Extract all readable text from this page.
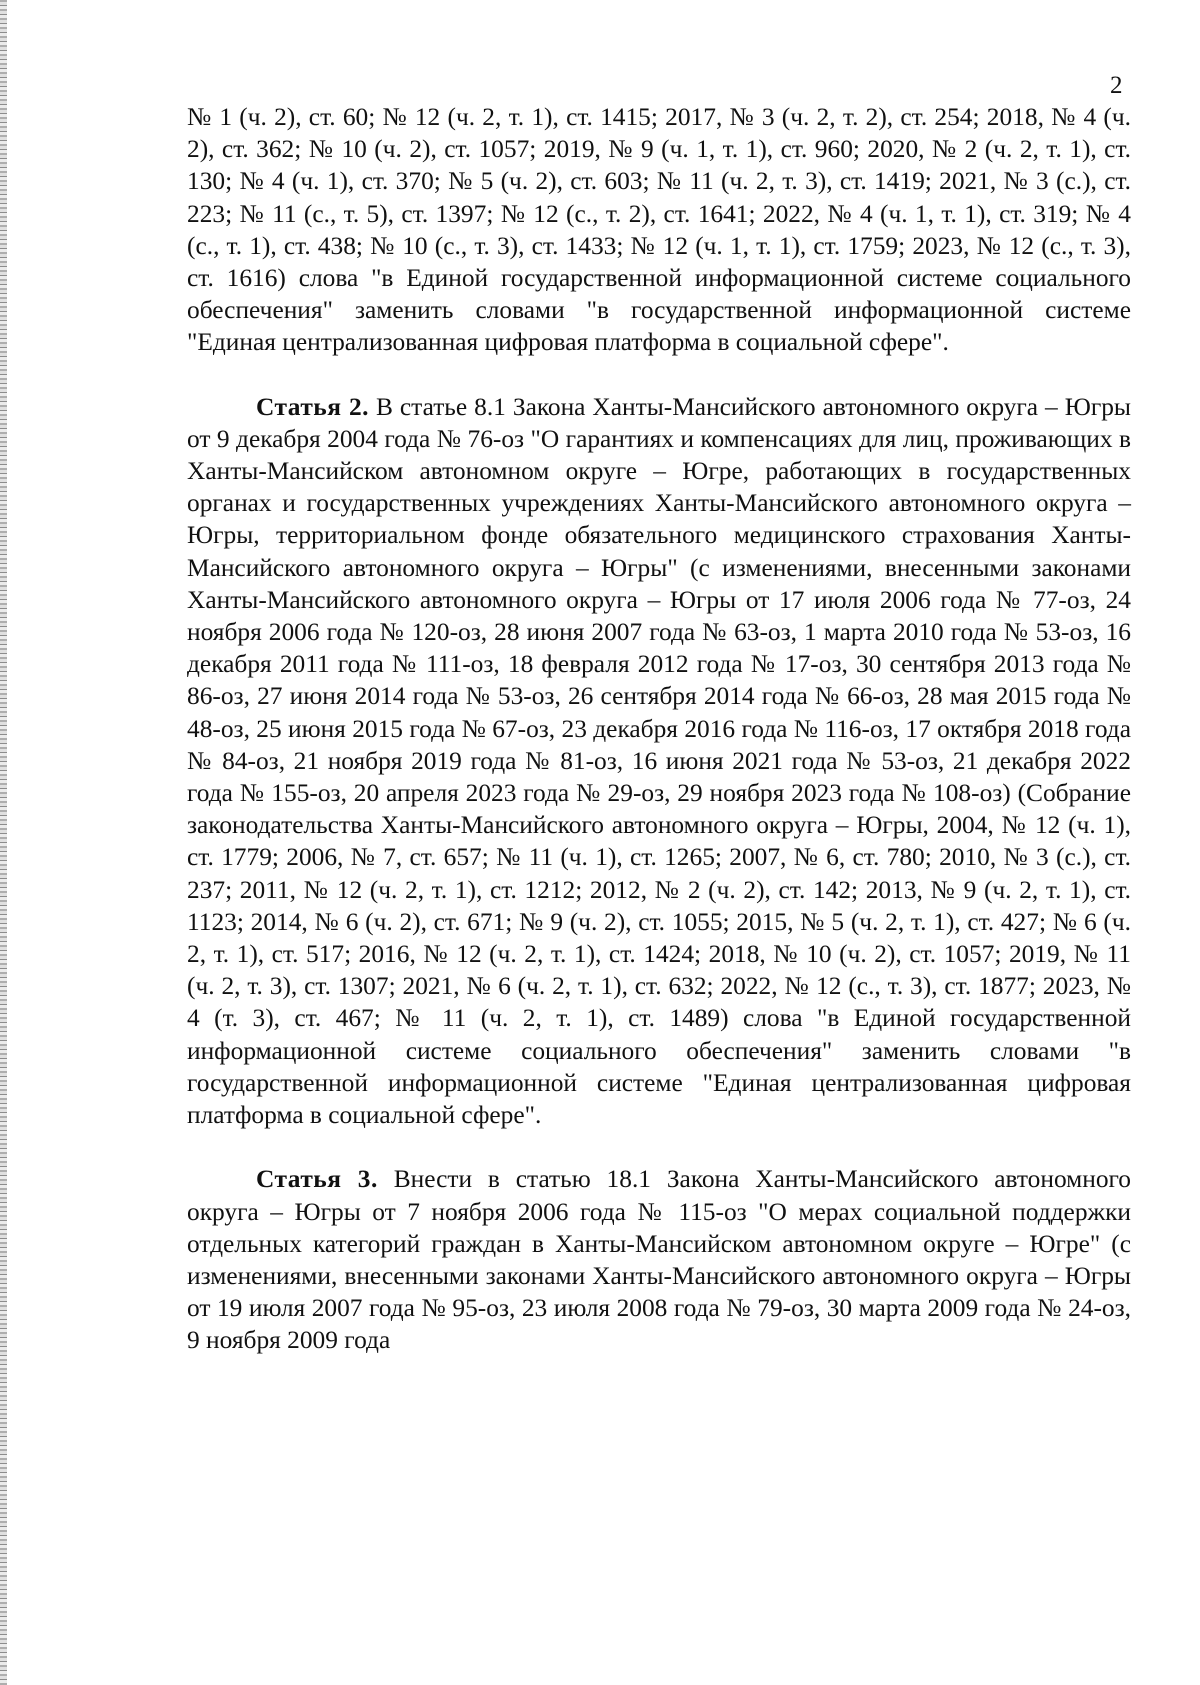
2

№ 1 (ч. 2), ст. 60; № 12 (ч. 2, т. 1), ст. 1415; 2017, № 3 (ч. 2, т. 2), ст. 254; 2018, № 4 (ч. 2), ст. 362; № 10 (ч. 2), ст. 1057; 2019, № 9 (ч. 1, т. 1), ст. 960; 2020, № 2 (ч. 2, т. 1), ст. 130; № 4 (ч. 1), ст. 370; № 5 (ч. 2), ст. 603; № 11 (ч. 2, т. 3), ст. 1419; 2021, № 3 (с.), ст. 223; № 11 (с., т. 5), ст. 1397; № 12 (с., т. 2), ст. 1641; 2022, № 4 (ч. 1, т. 1), ст. 319; № 4 (с., т. 1), ст. 438; № 10 (с., т. 3), ст. 1433; № 12 (ч. 1, т. 1), ст. 1759; 2023, № 12 (с., т. 3), ст. 1616) слова "в Единой государственной информационной системе социального обеспечения" заменить словами "в государственной информационной системе "Единая централизованная цифровая платформа в социальной сфере".

Статья 2. В статье 8.1 Закона Ханты-Мансийского автономного округа – Югры от 9 декабря 2004 года № 76-оз "О гарантиях и компенсациях для лиц, проживающих в Ханты-Мансийском автономном округе – Югре, работающих в государственных органах и государственных учреждениях Ханты-Мансийского автономного округа – Югры, территориальном фонде обязательного медицинского страхования Ханты-Мансийского автономного округа – Югры" (с изменениями, внесенными законами Ханты-Мансийского автономного округа – Югры от 17 июля 2006 года № 77-оз, 24 ноября 2006 года № 120-оз, 28 июня 2007 года № 63-оз, 1 марта 2010 года № 53-оз, 16 декабря 2011 года № 111-оз, 18 февраля 2012 года № 17-оз, 30 сентября 2013 года № 86-оз, 27 июня 2014 года № 53-оз, 26 сентября 2014 года № 66-оз, 28 мая 2015 года № 48-оз, 25 июня 2015 года № 67-оз, 23 декабря 2016 года № 116-оз, 17 октября 2018 года № 84-оз, 21 ноября 2019 года № 81-оз, 16 июня 2021 года № 53-оз, 21 декабря 2022 года № 155-оз, 20 апреля 2023 года № 29-оз, 29 ноября 2023 года № 108-оз) (Собрание законодательства Ханты-Мансийского автономного округа – Югры, 2004, № 12 (ч. 1), ст. 1779; 2006, № 7, ст. 657; № 11 (ч. 1), ст. 1265; 2007, № 6, ст. 780; 2010, № 3 (с.), ст. 237; 2011, № 12 (ч. 2, т. 1), ст. 1212; 2012, № 2 (ч. 2), ст. 142; 2013, № 9 (ч. 2, т. 1), ст. 1123; 2014, № 6 (ч. 2), ст. 671; № 9 (ч. 2), ст. 1055; 2015, № 5 (ч. 2, т. 1), ст. 427; № 6 (ч. 2, т. 1), ст. 517; 2016, № 12 (ч. 2, т. 1), ст. 1424; 2018, № 10 (ч. 2), ст. 1057; 2019, № 11 (ч. 2, т. 3), ст. 1307; 2021, № 6 (ч. 2, т. 1), ст. 632; 2022, № 12 (с., т. 3), ст. 1877; 2023, № 4 (т. 3), ст. 467; № 11 (ч. 2, т. 1), ст. 1489) слова "в Единой государственной информационной системе социального обеспечения" заменить словами "в государственной информационной системе "Единая централизованная цифровая платформа в социальной сфере".

Статья 3. Внести в статью 18.1 Закона Ханты-Мансийского автономного округа – Югры от 7 ноября 2006 года № 115-оз "О мерах социальной поддержки отдельных категорий граждан в Ханты-Мансийском автономном округе – Югре" (с изменениями, внесенными законами Ханты-Мансийского автономного округа – Югры от 19 июля 2007 года № 95-оз, 23 июля 2008 года № 79-оз, 30 марта 2009 года № 24-оз, 9 ноября 2009 года
